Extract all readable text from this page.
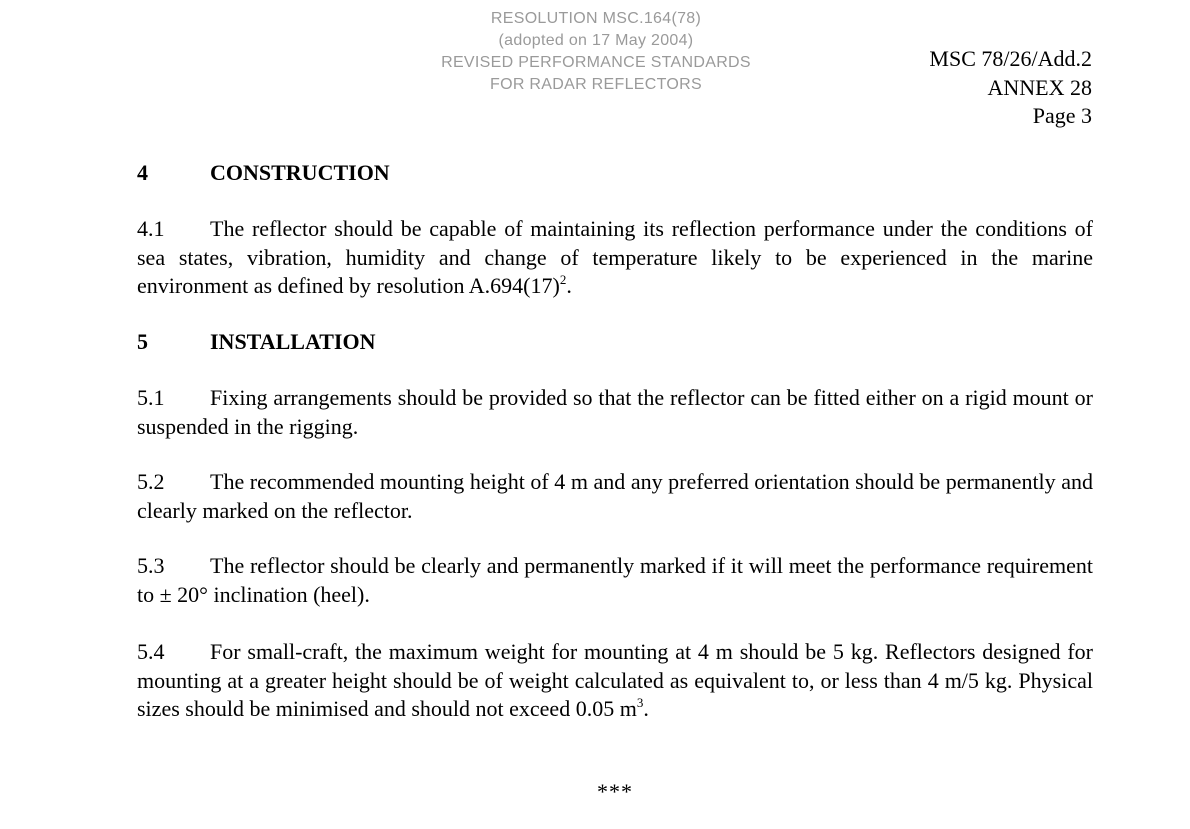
RESOLUTION MSC.164(78)
(adopted on 17 May 2004)
REVISED PERFORMANCE STANDARDS
FOR RADAR REFLECTORS
MSC 78/26/Add.2
ANNEX 28
Page 3
4	CONSTRUCTION
4.1 The reflector should be capable of maintaining its reflection performance under the conditions of sea states, vibration, humidity and change of temperature likely to be experienced in the marine environment as defined by resolution $A.694(17)^2$.
5	INSTALLATION
5.1 Fixing arrangements should be provided so that the reflector can be fitted either on a rigid mount or suspended in the rigging.
5.2 The recommended mounting height of 4 m and any preferred orientation should be permanently and clearly marked on the reflector.
5.3 The reflector should be clearly and permanently marked if it will meet the performance requirement to ± 20° inclination (heel).
5.4 For small-craft, the maximum weight for mounting at 4 m should be 5 kg. Reflectors designed for mounting at a greater height should be of weight calculated as equivalent to, or less than 4 m/5 kg. Physical sizes should be minimised and should not exceed 0.05 $m^3$.
***
